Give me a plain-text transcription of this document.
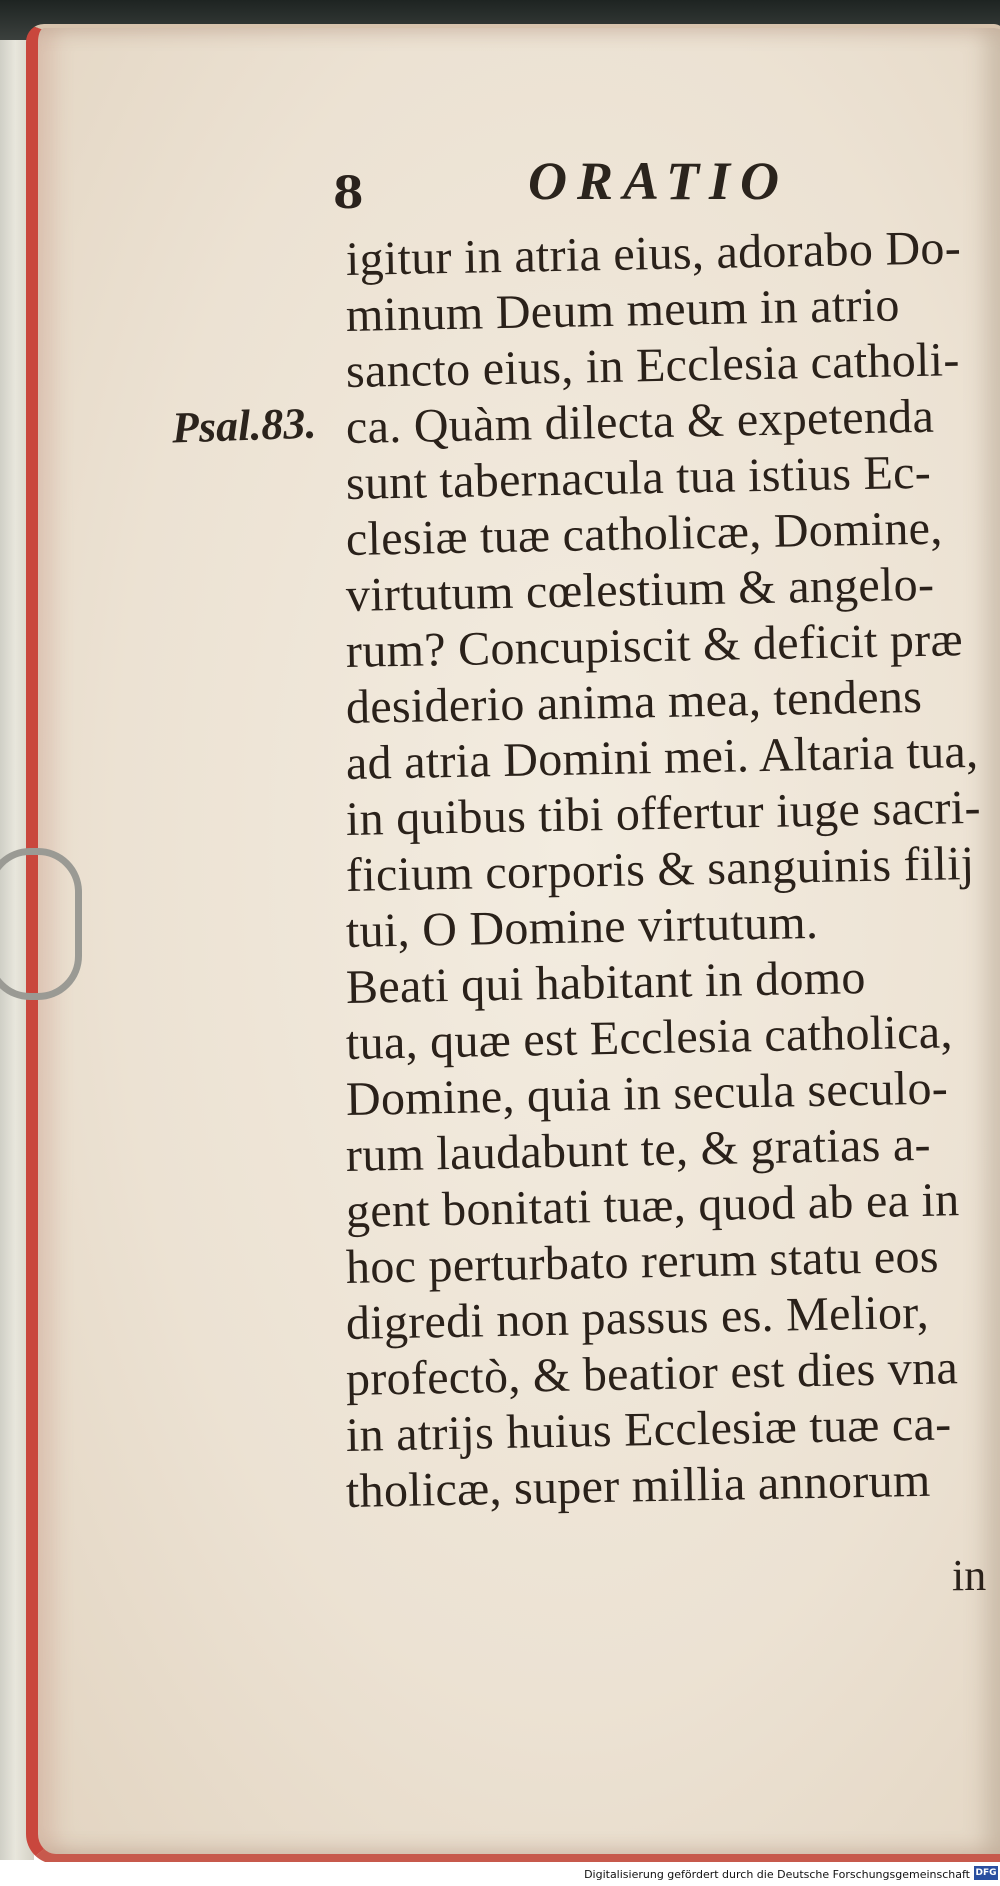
8	ORATIO
Psal.83.
igitur in atria eius, adorabo Do-
minum Deum meum in atrio
sancto eius, in Ecclesia catholi-
ca. Quàm dilecta & expetenda
sunt tabernacula tua istius Ec-
clesiæ tuæ catholicæ, Domine,
virtutum cœlestium & angelo-
rum? Concupiscit & deficit præ
desiderio anima mea, tendens
ad atria Domini mei. Altaria tua,
in quibus tibi offertur iuge sacri-
ficium corporis & sanguinis filij
tui, O Domine virtutum.
Beati qui habitant in domo
tua, quæ est Ecclesia catholica,
Domine, quia in secula seculo-
rum laudabunt te, & gratias a-
gent bonitati tuæ, quod ab ea in
hoc perturbato rerum statu eos
digredi non passus es. Melior,
profectò, & beatior est dies vna
in atrijs huius Ecclesiæ tuæ ca-
tholicæ, super millia annorum
in
Digitalisierung gefördert durch die Deutsche Forschungsgemeinschaft DFG
